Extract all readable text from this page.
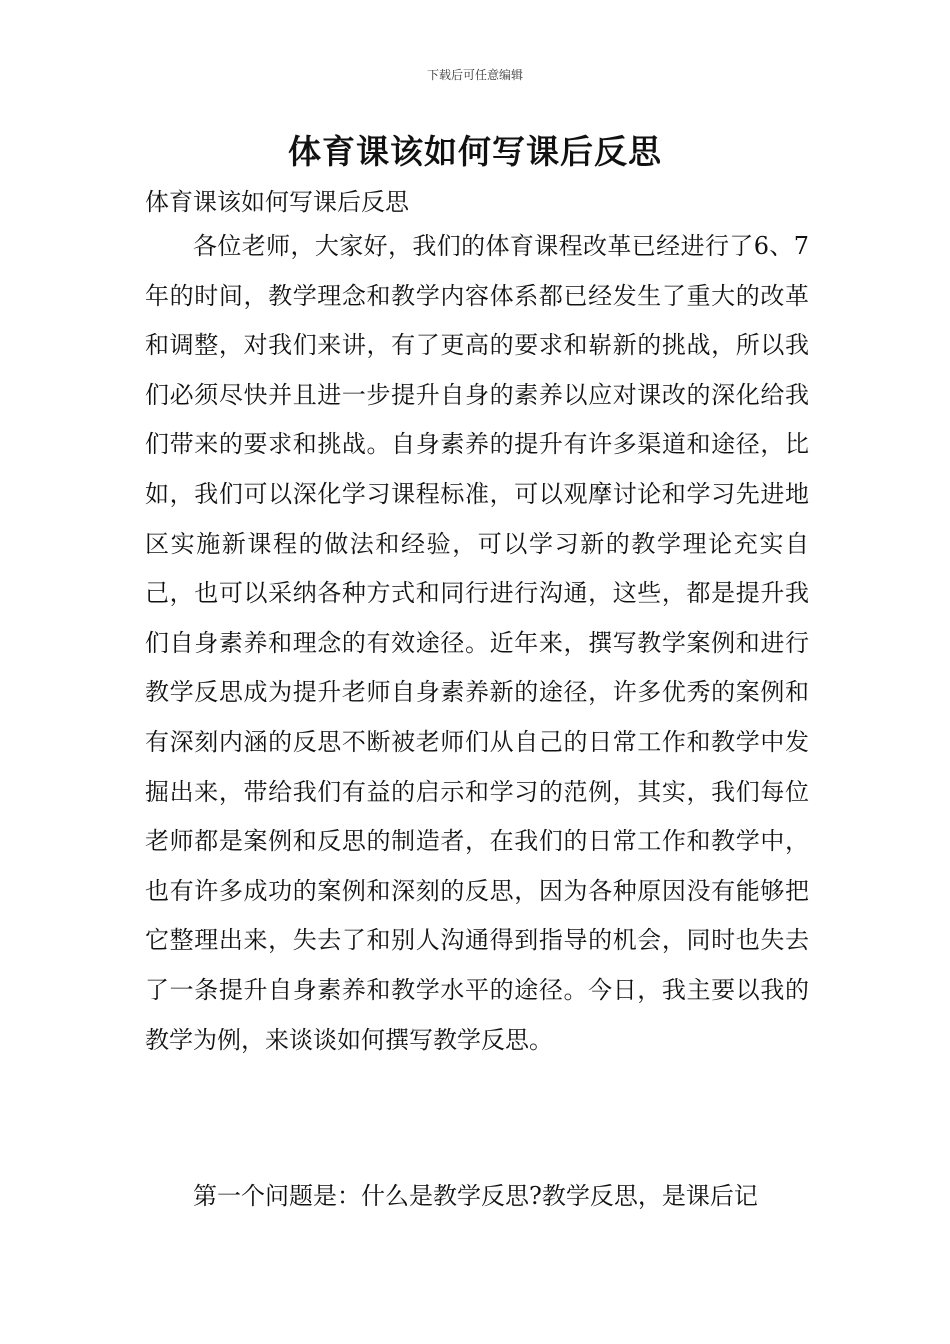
下载后可任意编辑
体育课该如何写课后反思
体育课该如何写课后反思

各位老师，大家好，我们的体育课程改革已经进行了6、7年的时间，教学理念和教学内容体系都已经发生了重大的改革和调整，对我们来讲，有了更高的要求和崭新的挑战，所以我们必须尽快并且进一步提升自身的素养以应对课改的深化给我们带来的要求和挑战。自身素养的提升有许多渠道和途径，比如，我们可以深化学习课程标准，可以观摩讨论和学习先进地区实施新课程的做法和经验，可以学习新的教学理论充实自己，也可以采纳各种方式和同行进行沟通，这些，都是提升我们自身素养和理念的有效途径。近年来，撰写教学案例和进行教学反思成为提升老师自身素养新的途径，许多优秀的案例和有深刻内涵的反思不断被老师们从自己的日常工作和教学中发掘出来，带给我们有益的启示和学习的范例，其实，我们每位老师都是案例和反思的制造者，在我们的日常工作和教学中，也有许多成功的案例和深刻的反思，因为各种原因没有能够把它整理出来，失去了和别人沟通得到指导的机会，同时也失去了一条提升自身素养和教学水平的途径。今日，我主要以我的教学为例，来谈谈如何撰写教学反思。

第一个问题是：什么是教学反思?教学反思，是课后记
